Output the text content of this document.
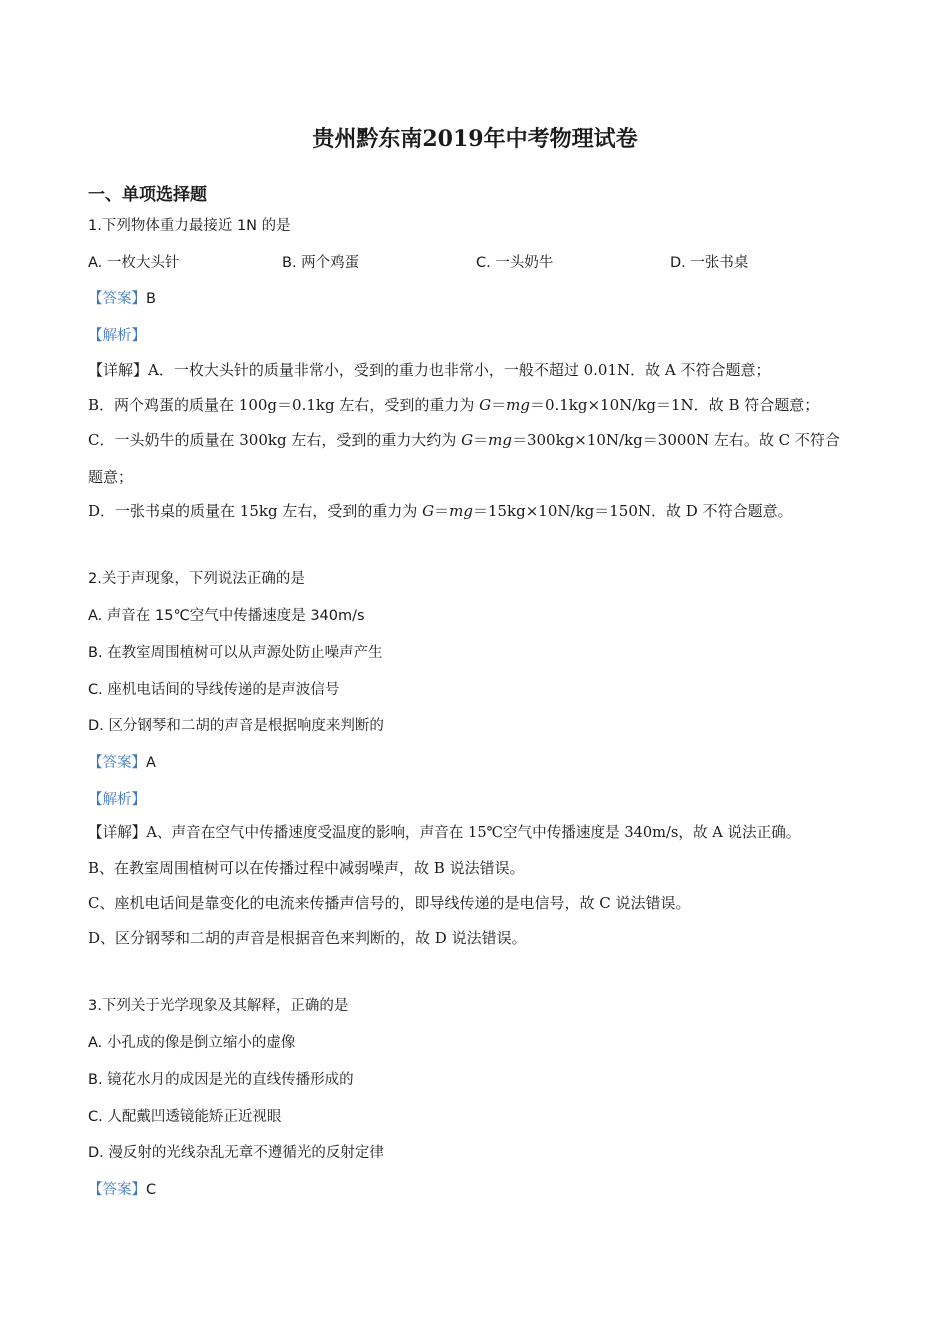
贵州黔东南2019年中考物理试卷
一、单项选择题
1.下列物体重力最接近 1N 的是
A. 一枚大头针	B. 两个鸡蛋	C. 一头奶牛	D. 一张书桌
【答案】B
【解析】
【详解】A．一枚大头针的质量非常小，受到的重力也非常小，一般不超过 0.01N．故 A 不符合题意；
B．两个鸡蛋的质量在 100g＝0.1kg 左右，受到的重力为 G＝mg＝0.1kg×10N/kg＝1N．故 B 符合题意；
C．一头奶牛的质量在 300kg 左右，受到的重力大约为 G＝mg＝300kg×10N/kg＝3000N 左右。故 C 不符合
题意；
D．一张书桌的质量在 15kg 左右，受到的重力为 G＝mg＝15kg×10N/kg＝150N．故 D 不符合题意。
2.关于声现象，下列说法正确的是
A. 声音在 15℃空气中传播速度是 340m/s
B. 在教室周围植树可以从声源处防止噪声产生
C. 座机电话间的导线传递的是声波信号
D. 区分钢琴和二胡的声音是根据响度来判断的
【答案】A
【解析】
【详解】A、声音在空气中传播速度受温度的影响，声音在 15℃空气中传播速度是 340m/s，故 A 说法正确。
B、在教室周围植树可以在传播过程中减弱噪声，故 B 说法错误。
C、座机电话间是靠变化的电流来传播声信号的，即导线传递的是电信号，故 C 说法错误。
D、区分钢琴和二胡的声音是根据音色来判断的，故 D 说法错误。
3.下列关于光学现象及其解释，正确的是
A. 小孔成的像是倒立缩小的虚像
B. 镜花水月的成因是光的直线传播形成的
C. 人配戴凹透镜能矫正近视眼
D. 漫反射的光线杂乱无章不遵循光的反射定律
【答案】C
